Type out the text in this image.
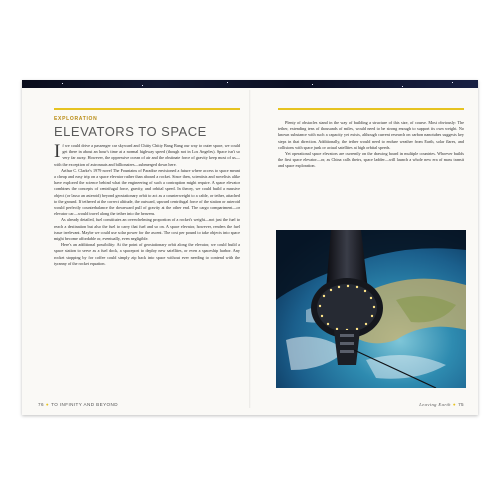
EXPLORATION
ELEVATORS TO SPACE

If we could drive a passenger car skyward and Chitty Chitty Bang Bang our way to outer space, we could get there in about an hour's time at a normal highway speed (though not in Los Angeles). Space isn't so very far away. However, the oppressive ocean of air and the obstinate force of gravity keep most of us—with the exception of astronauts and billionaires—submerged down here.

Arthur C. Clarke's 1979 novel The Fountains of Paradise envisioned a future where access to space meant a cheap and easy trip on a space elevator rather than aboard a rocket. Since then, scientists and novelists alike have explored the science behind what the engineering of such a contraption might require. A space elevator combines the concepts of centrifugal force, gravity, and orbital speed. In theory, we could build a massive object (or lasso an asteroid) beyond geostationary orbit to act as a counterweight to a cable, or tether, attached to the ground. If tethered at the correct altitude, the outward, upward centrifugal force of the station or asteroid would perfectly counterbalance the downward pull of gravity at the other end. The cargo compartment—or elevator car—would travel along the tether into the heavens.

As already detailed, fuel constitutes an overwhelming proportion of a rocket's weight—not just the fuel to reach a destination but also the fuel to carry that fuel and so on. A space elevator, however, renders the fuel issue irrelevant. Maybe we could use solar power for the ascent. The cost per pound to take objects into space might become affordable or, eventually, even negligible.

Here's an additional possibility: At the point of geostationary orbit along the elevator, we could build a space station to serve as a fuel dock, a spaceport to deploy new satellites, or even a spaceship harbor. Any rocket stopping by for coffee could simply zip back into space without ever needing to contend with the tyranny of the rocket equation.

Plenty of obstacles stand in the way of building a structure of this size, of course. Most obviously: The tether, extending tens of thousands of miles, would need to be strong enough to support its own weight. No known substance with such a capacity yet exists, although current research on carbon nanotubes suggests key steps in that direction. Additionally, the tether would need to endure weather from Earth, solar flares, and collisions with space junk or actual satellites at high orbital speeds.

Yet operational space elevators are currently on the drawing board in multiple countries. Whoever builds the first space elevator—or, as China calls theirs, space ladder—will launch a whole new era of mass transit and space exploration.

76 ● TO INFINITY AND BEYOND	Leaving Earth ● 75
